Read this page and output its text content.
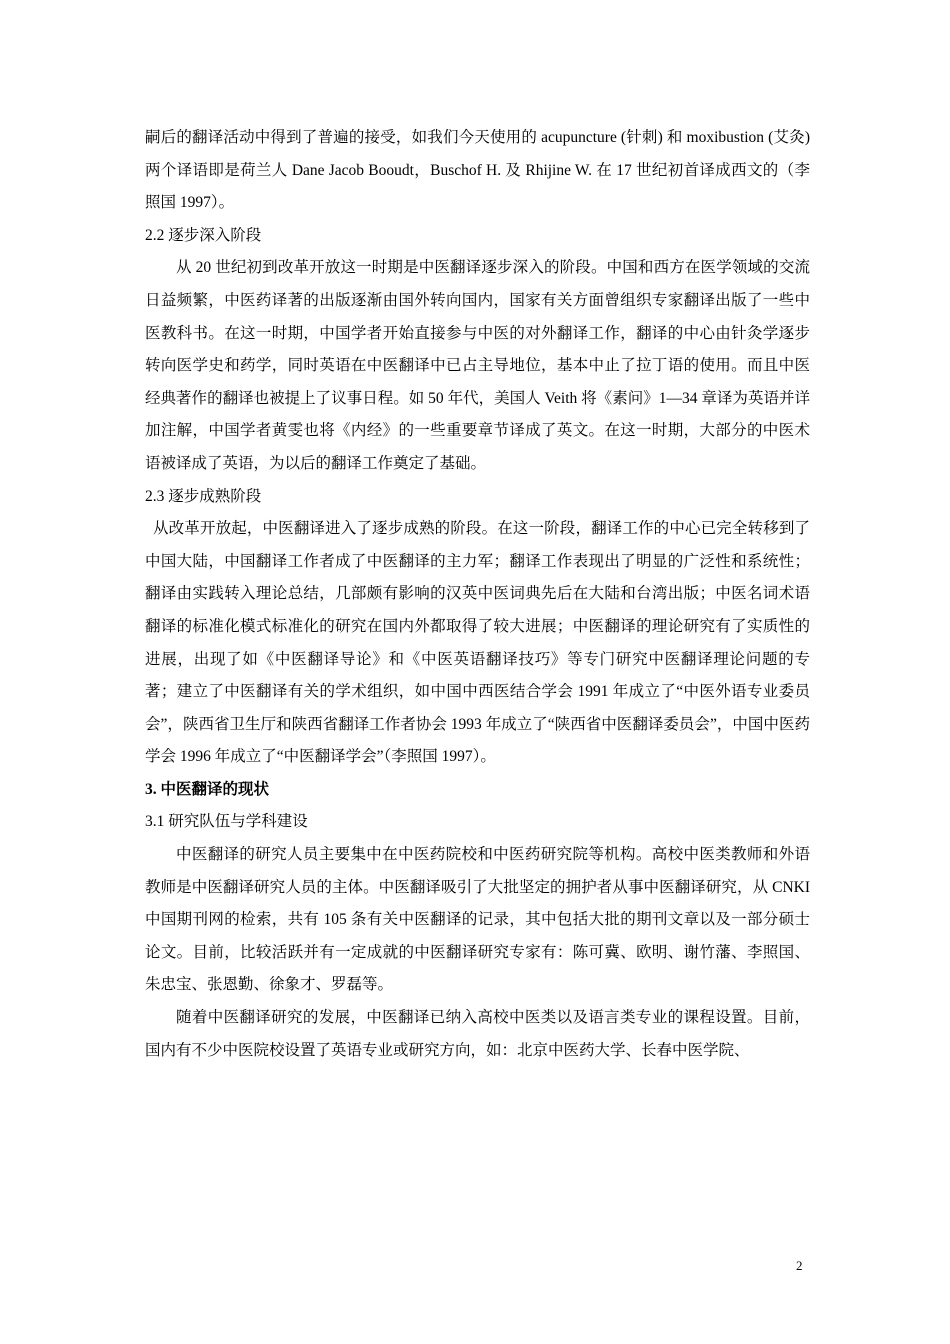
嗣后的翻译活动中得到了普遍的接受，如我们今天使用的 acupuncture (针刺) 和 moxibustion (艾灸) 两个译语即是荷兰人 Dane Jacob Booudt，Buschof H. 及 Rhijine W. 在 17 世纪初首译成西文的（李照国 1997）。

2.2 逐步深入阶段

从 20 世纪初到改革开放这一时期是中医翻译逐步深入的阶段。中国和西方在医学领域的交流日益频繁，中医药译著的出版逐渐由国外转向国内，国家有关方面曾组织专家翻译出版了一些中医教科书。在这一时期，中国学者开始直接参与中医的对外翻译工作，翻译的中心由针灸学逐步转向医学史和药学，同时英语在中医翻译中已占主导地位，基本中止了拉丁语的使用。而且中医经典著作的翻译也被提上了议事日程。如 50 年代，美国人 Veith 将《素问》1—34 章译为英语并详加注解，中国学者黄雯也将《内经》的一些重要章节译成了英文。在这一时期，大部分的中医术语被译成了英语，为以后的翻译工作奠定了基础。

2.3 逐步成熟阶段

从改革开放起，中医翻译进入了逐步成熟的阶段。在这一阶段，翻译工作的中心已完全转移到了中国大陆，中国翻译工作者成了中医翻译的主力军；翻译工作表现出了明显的广泛性和系统性；翻译由实践转入理论总结，几部颇有影响的汉英中医词典先后在大陆和台湾出版；中医名词术语翻译的标准化模式标准化的研究在国内外都取得了较大进展；中医翻译的理论研究有了实质性的进展，出现了如《中医翻译导论》和《中医英语翻译技巧》等专门研究中医翻译理论问题的专著；建立了中医翻译有关的学术组织，如中国中西医结合学会 1991 年成立了“中医外语专业委员会”，陕西省卫生厅和陕西省翻译工作者协会 1993 年成立了“陕西省中医翻译委员会”，中国中医药学会 1996 年成立了“中医翻译学会”（李照国 1997）。

3. 中医翻译的现状

3.1 研究队伍与学科建设

中医翻译的研究人员主要集中在中医药院校和中医药研究院等机构。高校中医类教师和外语教师是中医翻译研究人员的主体。中医翻译吸引了大批坚定的拥护者从事中医翻译研究，从 CNKI 中国期刊网的检索，共有 105 条有关中医翻译的记录，其中包括大批的期刊文章以及一部分硕士论文。目前，比较活跃并有一定成就的中医翻译研究专家有：陈可冀、欧明、谢竹藩、李照国、朱忠宝、张恩勤、徐象才、罗磊等。

随着中医翻译研究的发展，中医翻译已纳入高校中医类以及语言类专业的课程设置。目前，国内有不少中医院校设置了英语专业或研究方向，如：北京中医药大学、长春中医学院、

2
